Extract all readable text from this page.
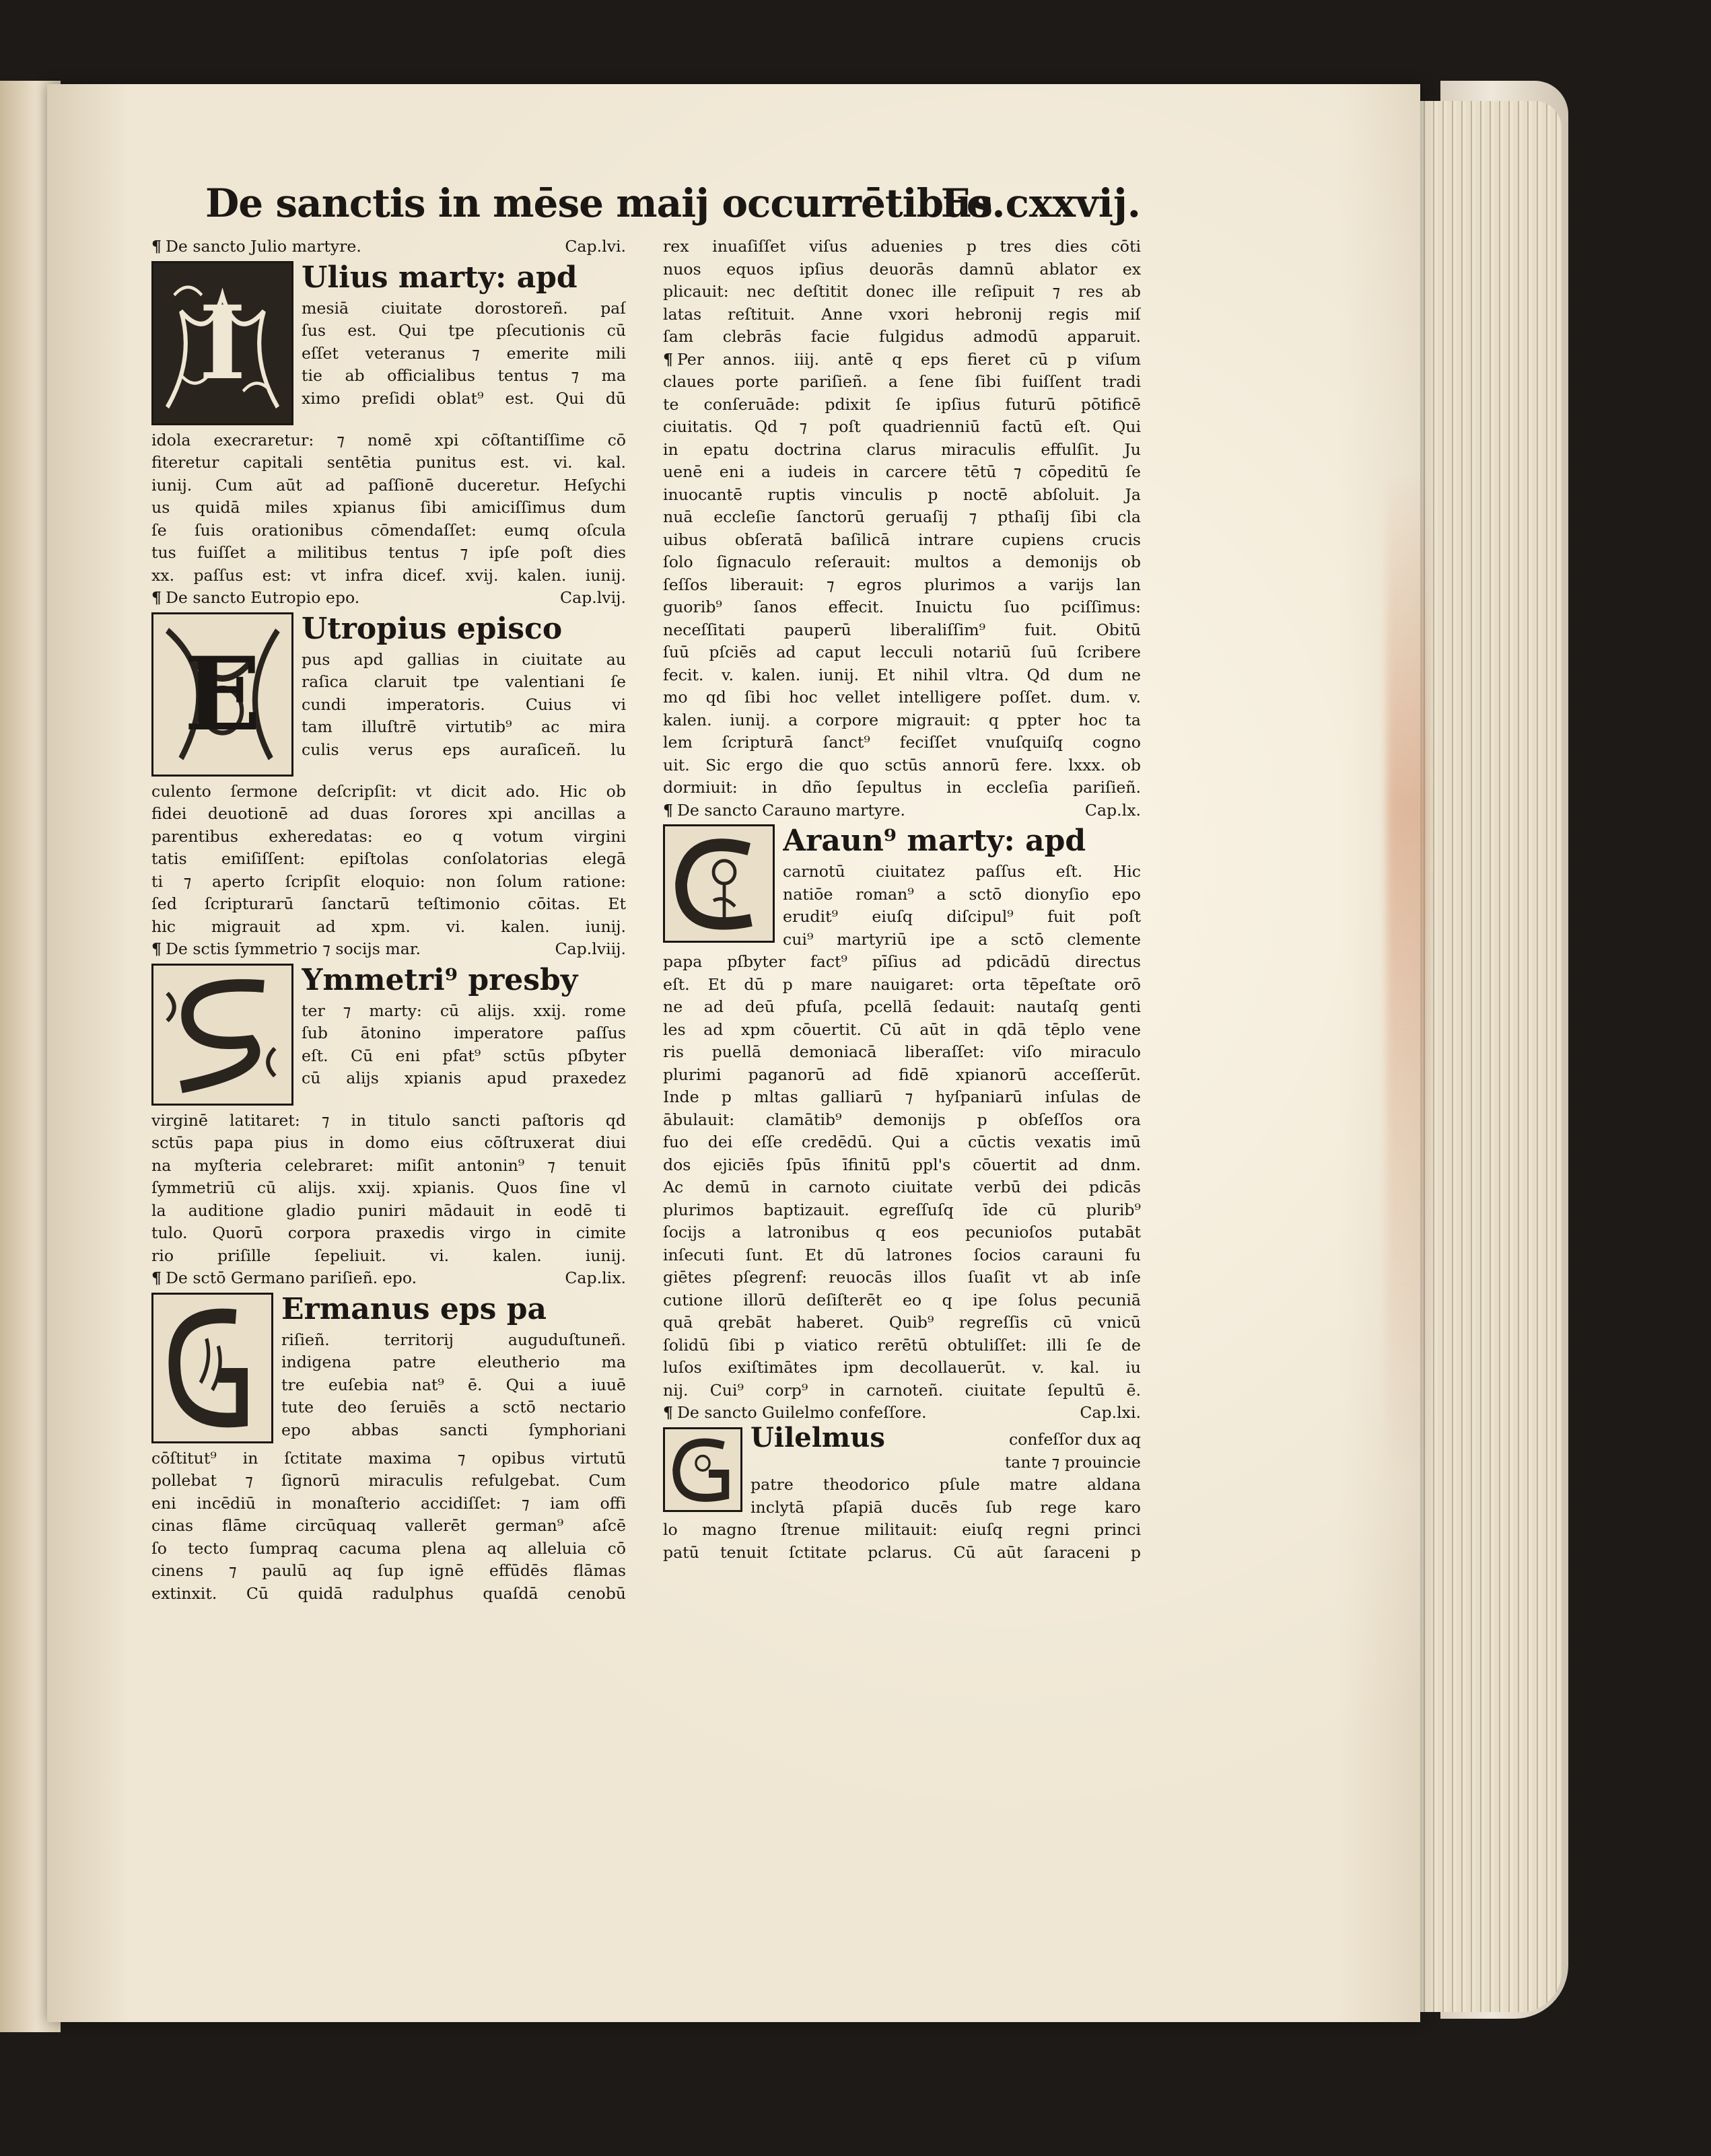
De sanctis in mēse maij occurrētibus
Fo.cxxvij.
¶ De sancto Julio martyre.	Cap.lvi.
I
Ulius marty: apd
mesiā ciuitate dorostoreñ. paſ
ſus est. Qui tpe pſecutionis cū
eſſet veteranus ⁊ emerite mili
tie ab officialibus tentus ⁊ ma
ximo preſidi oblat⁹ est. Qui dū
idola execraretur: ⁊ nomē xpi cōſtantiſſime cō
fiteretur capitali sentētia punitus est. vi. kal.
iunij. Cum aūt ad paſſionē duceretur. Heſychi
us quidā miles xpianus ſibi amiciſſimus dum
ſe ſuis orationibus cōmendaſſet: eumq oſcula
tus fuiſſet a militibus tentus ⁊ ipſe poſt dies
xx. paſſus est: vt infra dicef. xvij. kalen. iunij.
¶ De sancto Eutropio epo.	Cap.lvij.
E
Utropius episco
pus apd gallias in ciuitate au
raſica claruit tpe valentiani ſe
cundi imperatoris. Cuius vi
tam illuſtrē virtutib⁹ ac mira
culis verus eps auraſiceñ. lu
culento ſermone deſcripſit: vt dicit ado. Hic ob
fidei deuotionē ad duas ſorores xpi ancillas a
parentibus exheredatas: eo q votum virgini
tatis emiſiſſent: epiſtolas conſolatorias elegā
ti ⁊ aperto ſcripſit eloquio: non ſolum ratione:
ſed ſcripturarū ſanctarū teſtimonio cōitas. Et
hic migrauit ad xpm. vi. kalen. iunij.
¶ De sctis ſymmetrio ⁊ socijs mar.	Cap.lviij.
Ymmetri⁹ presby
ter ⁊ marty: cū alijs. xxij. rome
ſub ātonino imperatore paſſus
eſt. Cū eni pfat⁹ sctūs pſbyter
cū alijs xpianis apud praxedez
virginē latitaret: ⁊ in titulo sancti paſtoris qd
sctūs papa pius in domo eius cōſtruxerat diui
na myſteria celebraret: miſit antonin⁹ ⁊ tenuit
ſymmetriū cū alijs. xxij. xpianis. Quos ſine vl
la auditione gladio puniri mādauit in eodē ti
tulo. Quorū corpora praxedis virgo in cimite
rio priſille ſepeliuit. vi. kalen. iunij.
¶ De sctō Germano pariſieñ. epo.	Cap.lix.
Ermanus eps pa
riſieñ. territorij auguduſtuneñ.
indigena patre eleutherio ma
tre euſebia nat⁹ ē. Qui a iuuē
tute deo ſeruiēs a sctō nectario
epo abbas sancti ſymphoriani
cōſtitut⁹ in ſctitate maxima ⁊ opibus virtutū
pollebat ⁊ ſignorū miraculis refulgebat. Cum
eni incēdiū in monaſterio accidiſſet: ⁊ iam offi
cinas flāme circūquaq vallerēt german⁹ aſcē
ſo tecto ſumpraq cacuma plena aq alleluia cō
cinens ⁊ paulū aq ſup ignē effūdēs flāmas
extinxit. Cū quidā radulphus quaſdā cenobū
rex inuaſiſſet viſus aduenies p tres dies cōti
nuos equos ipſius deuorās damnū ablator ex
plicauit: nec deſtitit donec ille reſipuit ⁊ res ab
latas reſtituit. Anne vxori hebronij regis miſ
ſam clebrās facie fulgidus admodū apparuit.
¶ Per annos. iiij. antē q eps fieret cū p viſum
claues porte pariſieñ. a ſene ſibi fuiſſent tradi
te conſeruāde: pdixit ſe ipſius futurū pōtificē
ciuitatis. Qd ⁊ poſt quadrienniū factū eſt. Qui
in epatu doctrina clarus miraculis effulſit. Ju
uenē eni a iudeis in carcere tētū ⁊ cōpeditū ſe
inuocantē ruptis vinculis p noctē abſoluit. Ja
nuā eccleſie ſanctorū geruaſij ⁊ pthaſij ſibi cla
uibus obſeratā baſilicā intrare cupiens crucis
ſolo ſignaculo reſerauit: multos a demonijs ob
ſeſſos liberauit: ⁊ egros plurimos a varijs lan
guorib⁹ ſanos effecit. Inuictu ſuo pciſſimus:
neceſſitati pauperū liberaliſſim⁹ fuit. Obitū
ſuū pſciēs ad caput lecculi notariū ſuū ſcribere
fecit. v. kalen. iunij. Et nihil vltra. Qd dum ne
mo qd ſibi hoc vellet intelligere poſſet. dum. v.
kalen. iunij. a corpore migrauit: q ppter hoc ta
lem ſcripturā ſanct⁹ feciſſet vnuſquiſq cogno
uit. Sic ergo die quo sctūs annorū fere. lxxx. ob
dormiuit: in dño ſepultus in eccleſia pariſieñ.
¶ De sancto Carauno martyre.	Cap.lx.
Araun⁹ marty: apd
carnotū ciuitatez paſſus eſt. Hic
natiōe roman⁹ a sctō dionyſio epo
erudit⁹ eiuſq diſcipul⁹ fuit poſt
cui⁹ martyriū ipe a sctō clemente
papa pſbyter fact⁹ pīſius ad pdicādū directus
eſt. Et dū p mare nauigaret: orta tēpeſtate orō
ne ad deū pfuſa, pcellā ſedauit: nautaſq genti
les ad xpm cōuertit. Cū aūt in qdā tēplo vene
ris puellā demoniacā liberaſſet: viſo miraculo
plurimi paganorū ad fidē xpianorū acceſſerūt.
Inde p mltas galliarū ⁊ hyſpaniarū inſulas de
ābulauit: clamātib⁹ demonijs p obſeſſos ora
fuo dei eſſe credēdū. Qui a cūctis vexatis imū
dos ejiciēs ſpūs īfinitū ppl's cōuertit ad dnm.
Ac demū in carnoto ciuitate verbū dei pdicās
plurimos baptizauit. egreſſuſq īde cū plurib⁹
ſocijs a latronibus q eos pecunioſos putabāt
inſecuti ſunt. Et dū latrones ſocios carauni fu
giētes pſegrenf: reuocās illos ſuaſit vt ab inſe
cutione illorū deſiſterēt eo q ipe ſolus pecuniā
quā qrebāt haberet. Quib⁹ regreſſis cū vnicū
ſolidū ſibi p viatico rerētū obtuliſſet: illi ſe de
luſos exiſtimātes ipm decollauerūt. v. kal. iu
nij. Cui⁹ corp⁹ in carnoteñ. ciuitate ſepultū ē.
¶ De sancto Guilelmo confeſſore.	Cap.lxi.
Uilelmus	confeſſor dux aq
tante ⁊ prouincie
patre theodorico pſule matre aldana
inclytā pſapiā ducēs ſub rege karo
lo magno ſtrenue militauit: eiuſq regni princi
patū tenuit ſctitate pclarus. Cū aūt ſaraceni p
